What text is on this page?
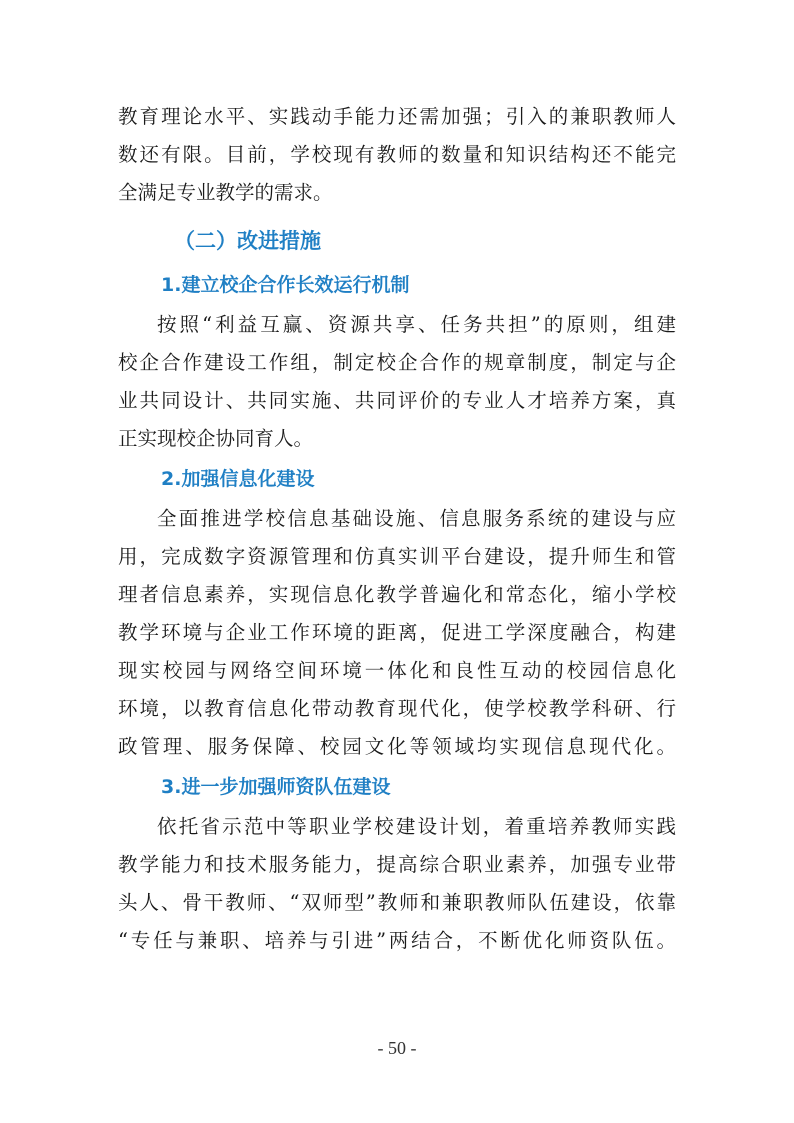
教育理论水平、实践动手能力还需加强；引入的兼职教师人
数还有限。目前，学校现有教师的数量和知识结构还不能完
全满足专业教学的需求。
（二）改进措施
1.建立校企合作长效运行机制
按照“利益互赢、资源共享、任务共担”的原则，组建
校企合作建设工作组，制定校企合作的规章制度，制定与企
业共同设计、共同实施、共同评价的专业人才培养方案，真
正实现校企协同育人。
2.加强信息化建设
全面推进学校信息基础设施、信息服务系统的建设与应
用，完成数字资源管理和仿真实训平台建设，提升师生和管
理者信息素养，实现信息化教学普遍化和常态化，缩小学校
教学环境与企业工作环境的距离，促进工学深度融合，构建
现实校园与网络空间环境一体化和良性互动的校园信息化
环境，以教育信息化带动教育现代化，使学校教学科研、行
政管理、服务保障、校园文化等领域均实现信息现代化。
3.进一步加强师资队伍建设
依托省示范中等职业学校建设计划，着重培养教师实践
教学能力和技术服务能力，提高综合职业素养，加强专业带
头人、骨干教师、“双师型”教师和兼职教师队伍建设，依靠
“专任与兼职、培养与引进”两结合，不断优化师资队伍。
- 50 -
